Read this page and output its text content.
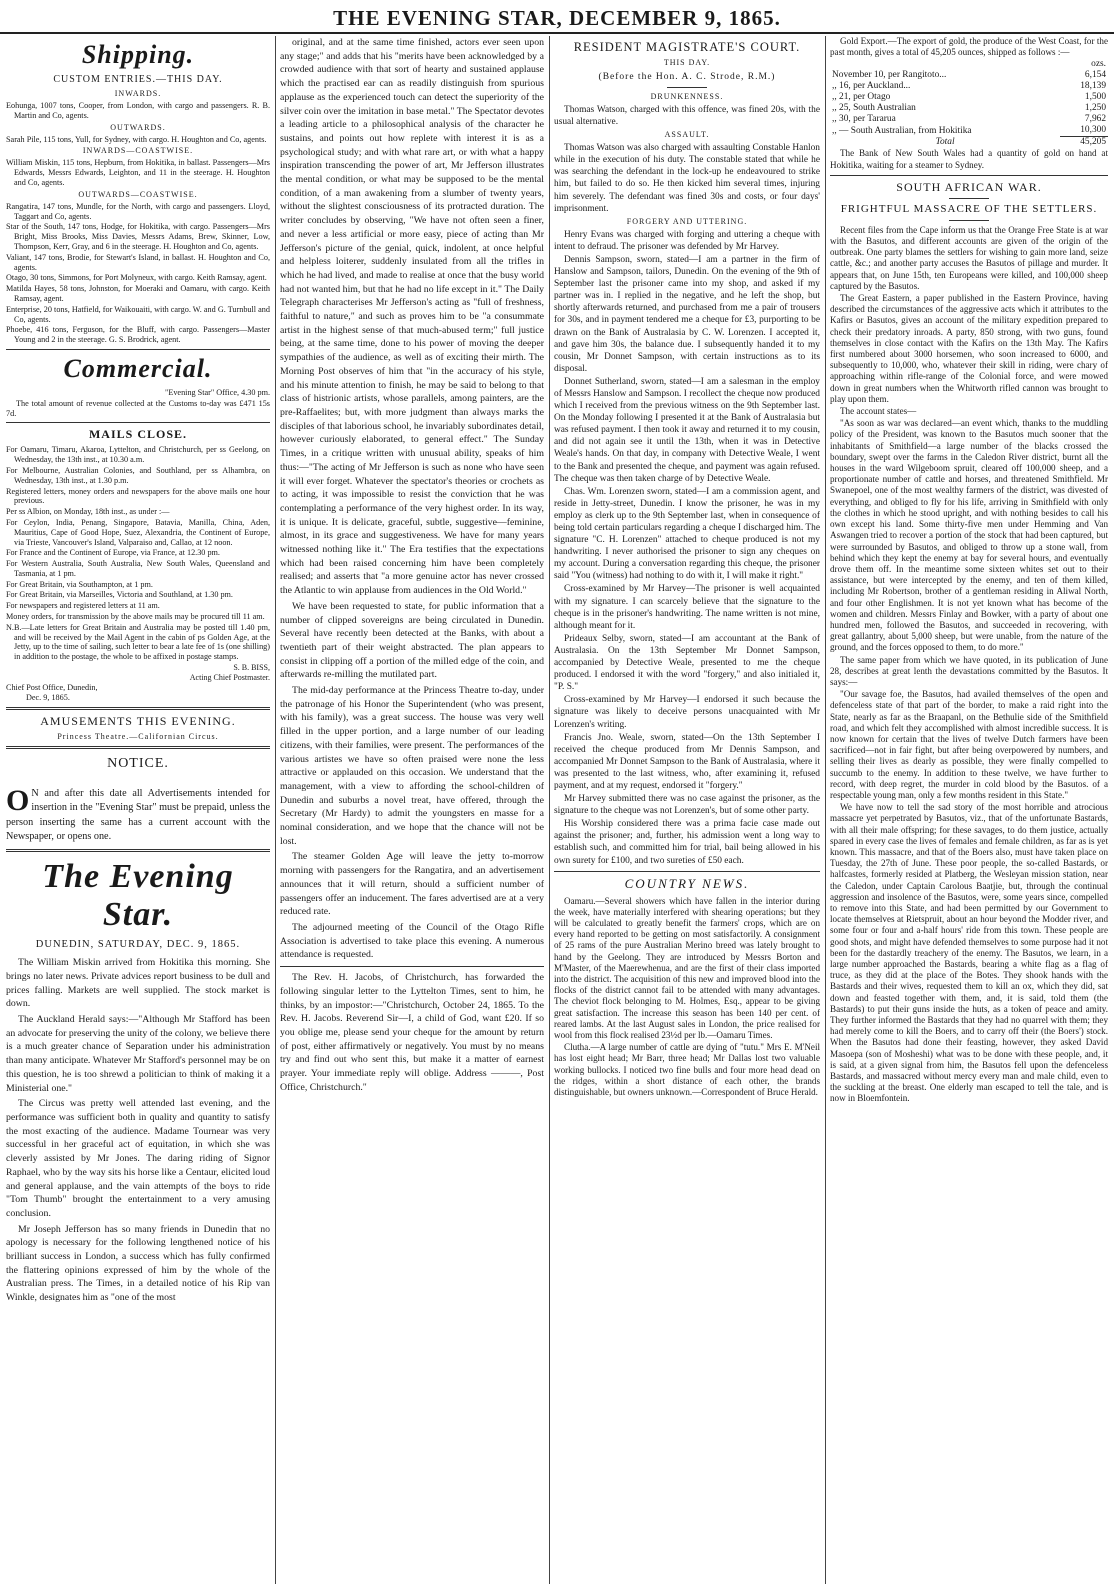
THE EVENING STAR, DECEMBER 9, 1865.
Shipping.
CUSTOM ENTRIES.—THIS DAY.
INWARDS.

Eohunga, 1007 tons, Cooper, from London, with cargo and passengers. R. B. Martin and Co, agents.

OUTWARDS.

Sarah Pile, 115 tons, Yull, for Sydney, with cargo. H. Houghton and Co, agents.

INWARDS—COASTWISE.

William Miskin, 115 tons, Hepburn, from Hokitika, in ballast. Passengers—Mrs Edwards, Messrs Edwards, Leighton, and 11 in the steerage. H. Houghton and Co, agents.

OUTWARDS—COASTWISE.

Rangatira, 147 tons, Mundle, for the North, with cargo and passengers. Lloyd, Taggart and Co, agents.

Star of the South, 147 tons, Hodge, for Hokitika, with cargo. Passengers—Mrs Bright, Miss Brooks, Miss Davies, Messrs Adams, Brew, Skinner, Low, Thompson, Kerr, Gray, and 6 in the steerage. H. Houghton and Co, agents.

Valiant, 147 tons, Brodie, for Stewart's Island, in ballast. H. Houghton and Co, agents.

Otago, 30 tons, Simmons, for Port Molyneux, with cargo. Keith Ramsay, agent.

Matilda Hayes, 58 tons, Johnston, for Moeraki and Oamaru, with cargo. Keith Ramsay, agent.

Enterprise, 20 tons, Hatfield, for Waikouaiti, with cargo. W. and G. Turnbull and Co, agents.

Phoebe, 416 tons, Ferguson, for the Bluff, with cargo. Passengers—Master Young and 2 in the steerage. G. S. Brodrick, agent.

Commercial.

"Evening Star" Office, 4.30 pm.

The total amount of revenue collected at the Customs to-day was £471 15s 7d.

MAILS CLOSE.

For Oamaru, Timaru, Akaroa, Lyttelton, and Christchurch, per ss Geelong, on Wednesday, the 13th inst., at 10.30 a.m.

For Melbourne, Australian Colonies, and Southland, per ss Alhambra, on Wednesday, 13th inst., at 1.30 p.m.

Registered letters, money orders and newspapers for the above mails one hour previous.

Per ss Albion, on Monday, 18th inst., as under :—

For Ceylon, India, Penang, Singapore, Batavia, Manilla, China, Aden, Mauritius, Cape of Good Hope, Suez, Alexandria, the Continent of Europe, via Trieste, Vancouver's Island, Valparaiso and, Callao, at 12 noon.

For France and the Continent of Europe, via France, at 12.30 pm.

For Western Australia, South Australia, New South Wales, Queensland and Tasmania, at 1 pm.

For Great Britain, via Southampton, at 1 pm.

For Great Britain, via Marseilles, Victoria and Southland, at 1.30 pm.

For newspapers and registered letters at 11 am.

Money orders, for transmission by the above mails may be procured till 11 am.

N.B.—Late letters for Great Britain and Australia may be posted till 1.40 pm, and will be received by the Mail Agent in the cabin of ps Golden Age, at the Jetty, up to the time of sailing, such letter to bear a late fee of 1s (one shilling) in addition to the postage, the whole to be affixed in postage stamps.

S. B. BISS,
Acting Chief Postmaster.
Chief Post Office, Dunedin,
Dec. 9, 1865.
AMUSEMENTS THIS EVENING.
Princess Theatre.—Californian Circus.
NOTICE.
O N and after this date all Advertisements intended for insertion in the "Evening Star" must be prepaid, unless the person inserting the same has a current account with the Newspaper, or opens one.
The Evening Star.
DUNEDIN, SATURDAY, DEC. 9, 1865.

The William Miskin arrived from Hokitika this morning. She brings no later news. Private advices report business to be dull and prices falling. Markets are well supplied. The stock market is down.

The Auckland Herald says:—"Although Mr Stafford has been an advocate for preserving the unity of the colony, we believe there is a much greater chance of Separation under his administration than many anticipate. Whatever Mr Stafford's personnel may be on this question, he is too shrewd a politician to think of making it a Ministerial one."

The Circus was pretty well attended last evening, and the performance was sufficient both in quality and quantity to satisfy the most exacting of the audience. Madame Tournear was very successful in her graceful act of equitation, in which she was cleverly assisted by Mr Jones. The daring riding of Signor Raphael, who by the way sits his horse like a Centaur, elicited loud and general applause, and the vain attempts of the boys to ride "Tom Thumb" brought the entertainment to a very amusing conclusion.

Mr Joseph Jefferson has so many friends in Dunedin that no apology is necessary for the following lengthened notice of his brilliant success in London, a success which has fully confirmed the flattering opinions expressed of him by the whole of the Australian press. The Times, in a detailed notice of his Rip van Winkle, designates him as "one of the most

original, and at the same time finished, actors ever seen upon any stage;" and adds that his "merits have been acknowledged by a crowded audience with that sort of hearty and sustained applause which the practised ear can as readily distinguish from spurious applause as the experienced touch can detect the superiority of the silver coin over the imitation in base metal." The Spectator devotes a leading article to a philosophical analysis of the character he sustains, and points out how replete with interest it is as a psychological study; and with what rare art, or with what a happy inspiration transcending the power of art, Mr Jefferson illustrates the mental condition, or what may be supposed to be the mental condition, of a man awakening from a slumber of twenty years, without the slightest consciousness of its protracted duration. The writer concludes by observing, "We have not often seen a finer, and never a less artificial or more easy, piece of acting than Mr Jefferson's picture of the genial, quick, indolent, at once helpful and helpless loiterer, suddenly insulated from all the trifles in which he had lived, and made to realise at once that the busy world had not wanted him, but that he had no life except in it." The Daily Telegraph characterises Mr Jefferson's acting as "full of freshness, faithful to nature," and such as proves him to be "a consummate artist in the highest sense of that much-abused term;" full justice being, at the same time, done to his power of moving the deeper sympathies of the audience, as well as of exciting their mirth. The Morning Post observes of him that "in the accuracy of his style, and his minute attention to finish, he may be said to belong to that class of histrionic artists, whose parallels, among painters, are the pre-Raffaelites; but, with more judgment than always marks the disciples of that laborious school, he invariably subordinates detail, however curiously elaborated, to general effect." The Sunday Times, in a critique written with unusual ability, speaks of him thus:—"The acting of Mr Jefferson is such as none who have seen it will ever forget. Whatever the spectator's theories or crochets as to acting, it was impossible to resist the conviction that he was contemplating a performance of the very highest order. In its way, it is unique. It is delicate, graceful, subtle, suggestive—feminine, almost, in its grace and suggestiveness. We have for many years witnessed nothing like it." The Era testifies that the expectations which had been raised concerning him have been completely realised; and asserts that "a more genuine actor has never crossed the Atlantic to win applause from audiences in the Old World."

We have been requested to state, for public information that a number of clipped sovereigns are being circulated in Dunedin. Several have recently been detected at the Banks, with about a twentieth part of their weight abstracted. The plan appears to consist in clipping off a portion of the milled edge of the coin, and afterwards re-milling the mutilated part.

The mid-day performance at the Princess Theatre to-day, under the patronage of his Honor the Superintendent (who was present, with his family), was a great success. The house was very well filled in the upper portion, and a large number of our leading citizens, with their families, were present. The performances of the various artistes we have so often praised were none the less attractive or applauded on this occasion. We understand that the management, with a view to affording the school-children of Dunedin and suburbs a novel treat, have offered, through the Secretary (Mr Hardy) to admit the youngsters en masse for a nominal consideration, and we hope that the chance will not be lost.

The steamer Golden Age will leave the jetty to-morrow morning with passengers for the Rangatira, and an advertisement announces that it will return, should a sufficient number of passengers offer an inducement. The fares advertised are at a very reduced rate.

The adjourned meeting of the Council of the Otago Rifle Association is advertised to take place this evening. A numerous attendance is requested.

The Rev. H. Jacobs, of Christchurch, has forwarded the following singular letter to the Lyttelton Times, sent to him, he thinks, by an impostor:—"Christchurch, October 24, 1865. To the Rev. H. Jacobs. Reverend Sir—I, a child of God, want £20. If so you oblige me, please send your cheque for the amount by return of post, either affirmatively or negatively. You must by no means try and find out who sent this, but make it a matter of earnest prayer. Your immediate reply will oblige. Address ———, Post Office, Christchurch."

RESIDENT MAGISTRATE'S COURT.
THIS DAY.
(Before the Hon. A. C. Strode, R.M.)
DRUNKENNESS.

Thomas Watson, charged with this offence, was fined 20s, with the usual alternative.

ASSAULT.

Thomas Watson was also charged with assaulting Constable Hanlon while in the execution of his duty. The constable stated that while he was searching the defendant in the lock-up he endeavoured to strike him, but failed to do so. He then kicked him several times, injuring him severely. The defendant was fined 30s and costs, or four days' imprisonment.

FORGERY AND UTTERING.

Henry Evans was charged with forging and uttering a cheque with intent to defraud. The prisoner was defended by Mr Harvey.

Dennis Sampson, sworn, stated—I am a partner in the firm of Hanslow and Sampson, tailors, Dunedin. On the evening of the 9th of September last the prisoner came into my shop, and asked if my partner was in. I replied in the negative, and he left the shop, but shortly afterwards returned, and purchased from me a pair of trousers for 30s, and in payment tendered me a cheque for £3, purporting to be drawn on the Bank of Australasia by C. W. Lorenzen. I accepted it, and gave him 30s, the balance due. I subsequently handed it to my cousin, Mr Donnet Sampson, with certain instructions as to its disposal.

Donnet Sutherland, sworn, stated—I am a salesman in the employ of Messrs Hanslow and Sampson. I recollect the cheque now produced which I received from the previous witness on the 9th September last. On the Monday following I presented it at the Bank of Australasia but was refused payment. I then took it away and returned it to my cousin, and did not again see it until the 13th, when it was in Detective Weale's hands. On that day, in company with Detective Weale, I went to the Bank and presented the cheque, and payment was again refused. The cheque was then taken charge of by Detective Weale.

Chas. Wm. Lorenzen sworn, stated—I am a commission agent, and reside in Jetty-street, Dunedin. I know the prisoner, he was in my employ as clerk up to the 9th September last, when in consequence of being told certain particulars regarding a cheque I discharged him. The signature "C. H. Lorenzen" attached to cheque produced is not my handwriting. I never authorised the prisoner to sign any cheques on my account. During a conversation regarding this cheque, the prisoner said "You (witness) had nothing to do with it, I will make it right."

Cross-examined by Mr Harvey—The prisoner is well acquainted with my signature. I can scarcely believe that the signature to the cheque is in the prisoner's handwriting. The name written is not mine, although meant for it.

Prideaux Selby, sworn, stated—I am accountant at the Bank of Australasia. On the 13th September Mr Donnet Sampson, accompanied by Detective Weale, presented to me the cheque produced. I endorsed it with the word "forgery," and also initialed it, "P. S."

Cross-examined by Mr Harvey—I endorsed it such because the signature was likely to deceive persons unacquainted with Mr Lorenzen's writing.

Francis Jno. Weale, sworn, stated—On the 13th September I received the cheque produced from Mr Dennis Sampson, and accompanied Mr Donnet Sampson to the Bank of Australasia, where it was presented to the last witness, who, after examining it, refused payment, and at my request, endorsed it "forgery."

Mr Harvey submitted there was no case against the prisoner, as the signature to the cheque was not Lorenzen's, but of some other party.

His Worship considered there was a prima facie case made out against the prisoner; and, further, his admission went a long way to establish such, and committed him for trial, bail being allowed in his own surety for £100, and two sureties of £50 each.

COUNTRY NEWS.

Oamaru.—Several showers which have fallen in the interior during the week, have materially interfered with shearing operations; but they will be calculated to greatly benefit the farmers' crops, which are on every hand reported to be getting on most satisfactorily. A consignment of 25 rams of the pure Australian Merino breed was lately brought to hand by the Geelong. They are introduced by Messrs Borton and M'Master, of the Maerewhenua, and are the first of their class imported into the district. The acquisition of this new and improved blood into the flocks of the district cannot fail to be attended with many advantages. The cheviot flock belonging to M. Holmes, Esq., appear to be giving great satisfaction. The increase this season has been 140 per cent. of reared lambs. At the last August sales in London, the price realised for wool from this flock realised 23½d per lb.—Oamaru Times.

Clutha.—A large number of cattle are dying of "tutu." Mrs E. M'Neil has lost eight head; Mr Barr, three head; Mr Dallas lost two valuable working bullocks. I noticed two fine bulls and four more head dead on the ridges, within a short distance of each other, the brands distinguishable, but owners unknown.—Correspondent of Bruce Herald.

Gold Export.—The export of gold, the produce of the West Coast, for the past month, gives a total of 45,205 ounces, shipped as follows :—

	ozs.
November 10, per Rangitoto...	6,154
,, 16, per Auckland...	18,139
,, 21, per Otago	1,500
,, 25, South Australian	1,250
,, 30, per Tararua	7,962
,, — South Australian, from Hokitika	10,300
Total	45,205

The Bank of New South Wales had a quantity of gold on hand at Hokitika, waiting for a steamer to Sydney.

SOUTH AFRICAN WAR.
FRIGHTFUL MASSACRE OF THE SETTLERS.

Recent files from the Cape inform us that the Orange Free State is at war with the Basutos, and different accounts are given of the origin of the outbreak. One party blames the settlers for wishing to gain more land, seize cattle, &c.; and another party accuses the Basutos of pillage and murder. It appears that, on June 15th, ten Europeans were killed, and 100,000 sheep captured by the Basutos.

The Great Eastern, a paper published in the Eastern Province, having described the circumstances of the aggressive acts which it attributes to the Kafirs or Basutos, gives an account of the military expedition prepared to check their predatory inroads. A party, 850 strong, with two guns, found themselves in close contact with the Kafirs on the 13th May. The Kafirs first numbered about 3000 horsemen, who soon increased to 6000, and subsequently to 10,000, who, whatever their skill in riding, were chary of approaching within rifle-range of the Colonial force, and were mowed down in great numbers when the Whitworth rifled cannon was brought to play upon them.

The account states—

"As soon as war was declared—an event which, thanks to the muddling policy of the President, was known to the Basutos much sooner that the inhabitants of Smithfield—a large number of the blacks crossed the boundary, swept over the farms in the Caledon River district, burnt all the houses in the ward Wilgeboom spruit, cleared off 100,000 sheep, and a proportionate number of cattle and horses, and threatened Smithfield. Mr Swanepoel, one of the most wealthy farmers of the district, was divested of everything, and obliged to fly for his life, arriving in Smithfield with only the clothes in which he stood upright, and with nothing besides to call his own except his land. Some thirty-five men under Hemming and Van Aswangen tried to recover a portion of the stock that had been captured, but were surrounded by Basutos, and obliged to throw up a stone wall, from behind which they kept the enemy at bay for several hours, and eventually drove them off. In the meantime some sixteen whites set out to their assistance, but were intercepted by the enemy, and ten of them killed, including Mr Robertson, brother of a gentleman residing in Aliwal North, and four other Englishmen. It is not yet known what has become of the women and children. Messrs Finlay and Bowker, with a party of about one hundred men, followed the Basutos, and succeeded in recovering, with great gallantry, about 5,000 sheep, but were unable, from the nature of the ground, and the forces opposed to them, to do more."

The same paper from which we have quoted, in its publication of June 28, describes at great lenth the devastations committed by the Basutos. It says:—

"Our savage foe, the Basutos, had availed themselves of the open and defenceless state of that part of the border, to make a raid right into the State, nearly as far as the Braapanl, on the Bethulie side of the Smithfield road, and which felt they accomplished with almost incredible success. It is now known for certain that the lives of twelve Dutch farmers have been sacrificed—not in fair fight, but after being overpowered by numbers, and selling their lives as dearly as possible, they were finally compelled to succumb to the enemy. In addition to these twelve, we have further to record, with deep regret, the murder in cold blood by the Basutos. of a respectable young man, only a few months resident in this State."

We have now to tell the sad story of the most horrible and atrocious massacre yet perpetrated by Basutos, viz., that of the unfortunate Bastards, with all their male offspring; for these savages, to do them justice, actually spared in every case the lives of females and female children, as far as is yet known. This massacre, and that of the Boers also, must have taken place on Tuesday, the 27th of June. These poor people, the so-called Bastards, or halfcastes, formerly resided at Platberg, the Wesleyan mission station, near the Caledon, under Captain Carolous Baatjie, but, through the continual aggression and insolence of the Basutos, were, some years since, compelled to remove into this State, and had been permitted by our Government to locate themselves at Rietspruit, about an hour beyond the Modder river, and some four or four and a-half hours' ride from this town. These people are good shots, and might have defended themselves to some purpose had it not been for the dastardly treachery of the enemy. The Basutos, we learn, in a large number approached the Bastards, bearing a white flag as a flag of truce, as they did at the place of the Botes. They shook hands with the Bastards and their wives, requested them to kill an ox, which they did, sat down and feasted together with them, and, it is said, told them (the Bastards) to put their guns inside the huts, as a token of peace and amity. They further informed the Bastards that they had no quarrel with them; they had merely come to kill the Boers, and to carry off their (the Boers') stock. When the Basutos had done their feasting, however, they asked David Masoepa (son of Mosheshi) what was to be done with these people, and, it is said, at a given signal from him, the Basutos fell upon the defenceless Bastards, and massacred without mercy every man and male child, even to the suckling at the breast. One elderly man escaped to tell the tale, and is now in Bloemfontein.
